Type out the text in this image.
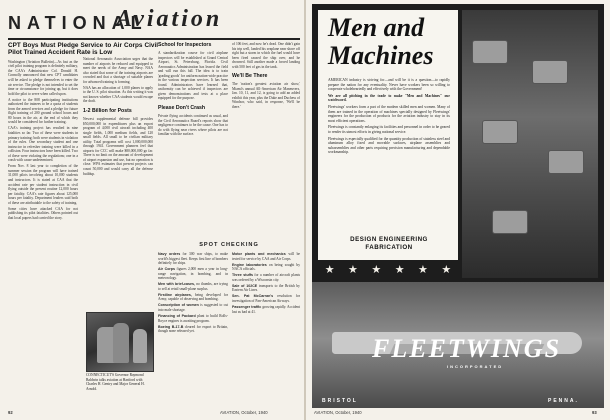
NATIONAL
Aviation
CPT Boys Must Pledge Service to Air Corps Civil Pilot Trained Accident Rate is Low

Washington (Aviation Bulletin)—As fast as the civil pilot training program is definitely military, the CAA's Administrator Col. Donald H. Connolly announced that new CPT candidates will be asked to pledge themselves to enter the air service. The pledge is not intended to set the time or circumstance for joining up, but it does hold the pilot to serve when called upon.

A notice to the 808 participating institutions authorized the trainees to be a quota of students from the armed services and a pledge for future flight training of 200 ground school hours and 80 hours in the air, at the end of which they would be considered for further training.

CAA's training project has resulted in nine fatalities so far. Two of these were students in primary training; both were students in violation of the rules. One secondary student and one instructor in refresher training were killed in a collision. Four instructors have been killed. Two of these were violating the regulations; one in a crash with cause undetermined.

From Nov. 8 last year to completion of the summer session the program will have trained 31,000 pilots involving about 10,000 students and instructors. It is stated at CAA that the accident rate per student instruction in civil flying outside the present routine 12,000 hours per fatality. CAA's rate figures about 125,000 hours per fatality. Department leaders said both of these are attributable to the safety of training.

Some cities have attacked CAA for not publishing its pilot fatalities. Others pointed out that local papers had carried the story.

National Aeronautic Association urges that the number of airports be reduced and equipped to meet the needs of the Army and Navy. NAA also stated that some of the training airports are crowded and that a shortage of suitable planes for advanced training is forming.

NAA has an allocation of 1,000 planes to apply to the U. S. pilot situation. As this writing it was not known whether CAA students would escape the draft.

1-2 Billion for Posts

Newest supplemental defense bill provides $50,000,000 in expenditures plus an export program of 4,000 civil aircraft including 400 single fields, 1,000 medium fields, and 120 small fields. All small to be civilian military utility. Total programs will cost 1,000,000,000 through 1941. Government planners feel that airports for CCC will make $80,000,000 go far. There is no limit on the amount of development of airport expansion and use, but no operation is close. WPA estimates that present projects can count 50,000 and would carry all the defense buildup.

CONNECTICUT'S Governor Raymond Baldwin talks aviation at Hartford with Charles H. Gentry and Major General H. Arnold.
School for Inspectors

A standardization course for civil airplane inspectors will be established at Grand Central Airport, St. Petersburg, Florida. Civil Aeronautics Administration has leased the field and will run this fall. The idea is to train 'grading goods' for uniform nation-wide practice in the various inspection services. It has been found. Administrators have learned that, uniformity can be achieved if inspectors are given demonstrations and tests at a place equipped for the purpose.

Please Don't Crash

Private flying accidents continued as usual, and the Civil Aeronautics Board's reports show that negligence continues to be the cause. One has to do with flying near rivers where pilots are not familiar with the surface.

of 106 feet, and now he's dead. One didn't gain his trip well, landed his seaplane near shore off right but a storm in which the fuel would have been fired caused the ship over, and he drowned. Still another made a forced landing with 500 feet of gas in the tank.

We'll Be There

The 'nation's greatest aviation air show,' Miami's annual All-American Air Maneuvers, Jan. 10, 11, and 12, is going to add an added exhibit this year, plus the Duke and Duchess of Windsor, who said, in response, 'We'll be there.'

SPOT CHECKING

Navy orders for 300 war ships, to make world's biggest fleet. Keeps first line of bombers definitely for ships.

Air Corps figures 2,000 men a year in long-range navigation, in bombing, and in meteorology.

Men with brief-cases, no thumbs, are trying to sell at retail small-plane surplus.

Firstline airplanes, being developed for Army, capable of observing and bombing.

Conscription of women is suggested to cut into male shortage.

Financing of Packard plant to build Rolls-Royce engines is awaiting program.

Boeing B-17-B cleared for export to Britain, though none released yet.

Motor plants and mechanics will be tested for service by CAA and Air Corps.

Engine laboratories on being sought by NACA officials.

Three stuffs for a number of aircraft plants was ordered by a Wisconsin city.

Sale of 102CE transports to the British by Eastern Air Lines.

Sen. Pat McCarran's resolution for investigation of Pan-American Airways.

Passenger traffic growing rapidly. Accident last as bad at 41.

92	AVIATION, October, 1940
Men and
Machines

AMERICAN industry is striving for—and will be it is a question—to rapidly prepare the nation for any eventuality. Never have workers been so willing to cooperate wholeheartedly and effectively with the Government!

We are all pitching in the trade to make "Men and Machines" our watchword.

Fleetwings' workers form a part of the modern skilled men and women. Many of them are trained in the operation of machines specially designed by Fleetwings' engineers for the production of products for the aviation industry to stay in its most efficient operations.

Fleetwings is constantly enlarging its facilities and personnel in order to be geared to render its utmost efforts in giving national service.

Fleetwings is especially qualified for the quantity production of stainless steel and aluminum alloy fixed and movable surfaces, airplane assemblies and subassemblies and other parts requiring precision manufacturing and dependable workmanship.

DESIGN ENGINEERING
FABRICATION
★ ★ ★ ★ ★ ★
FLEETWINGS
INCORPORATED
BRISTOL	PENNA.
AVIATION, October, 1940	93
